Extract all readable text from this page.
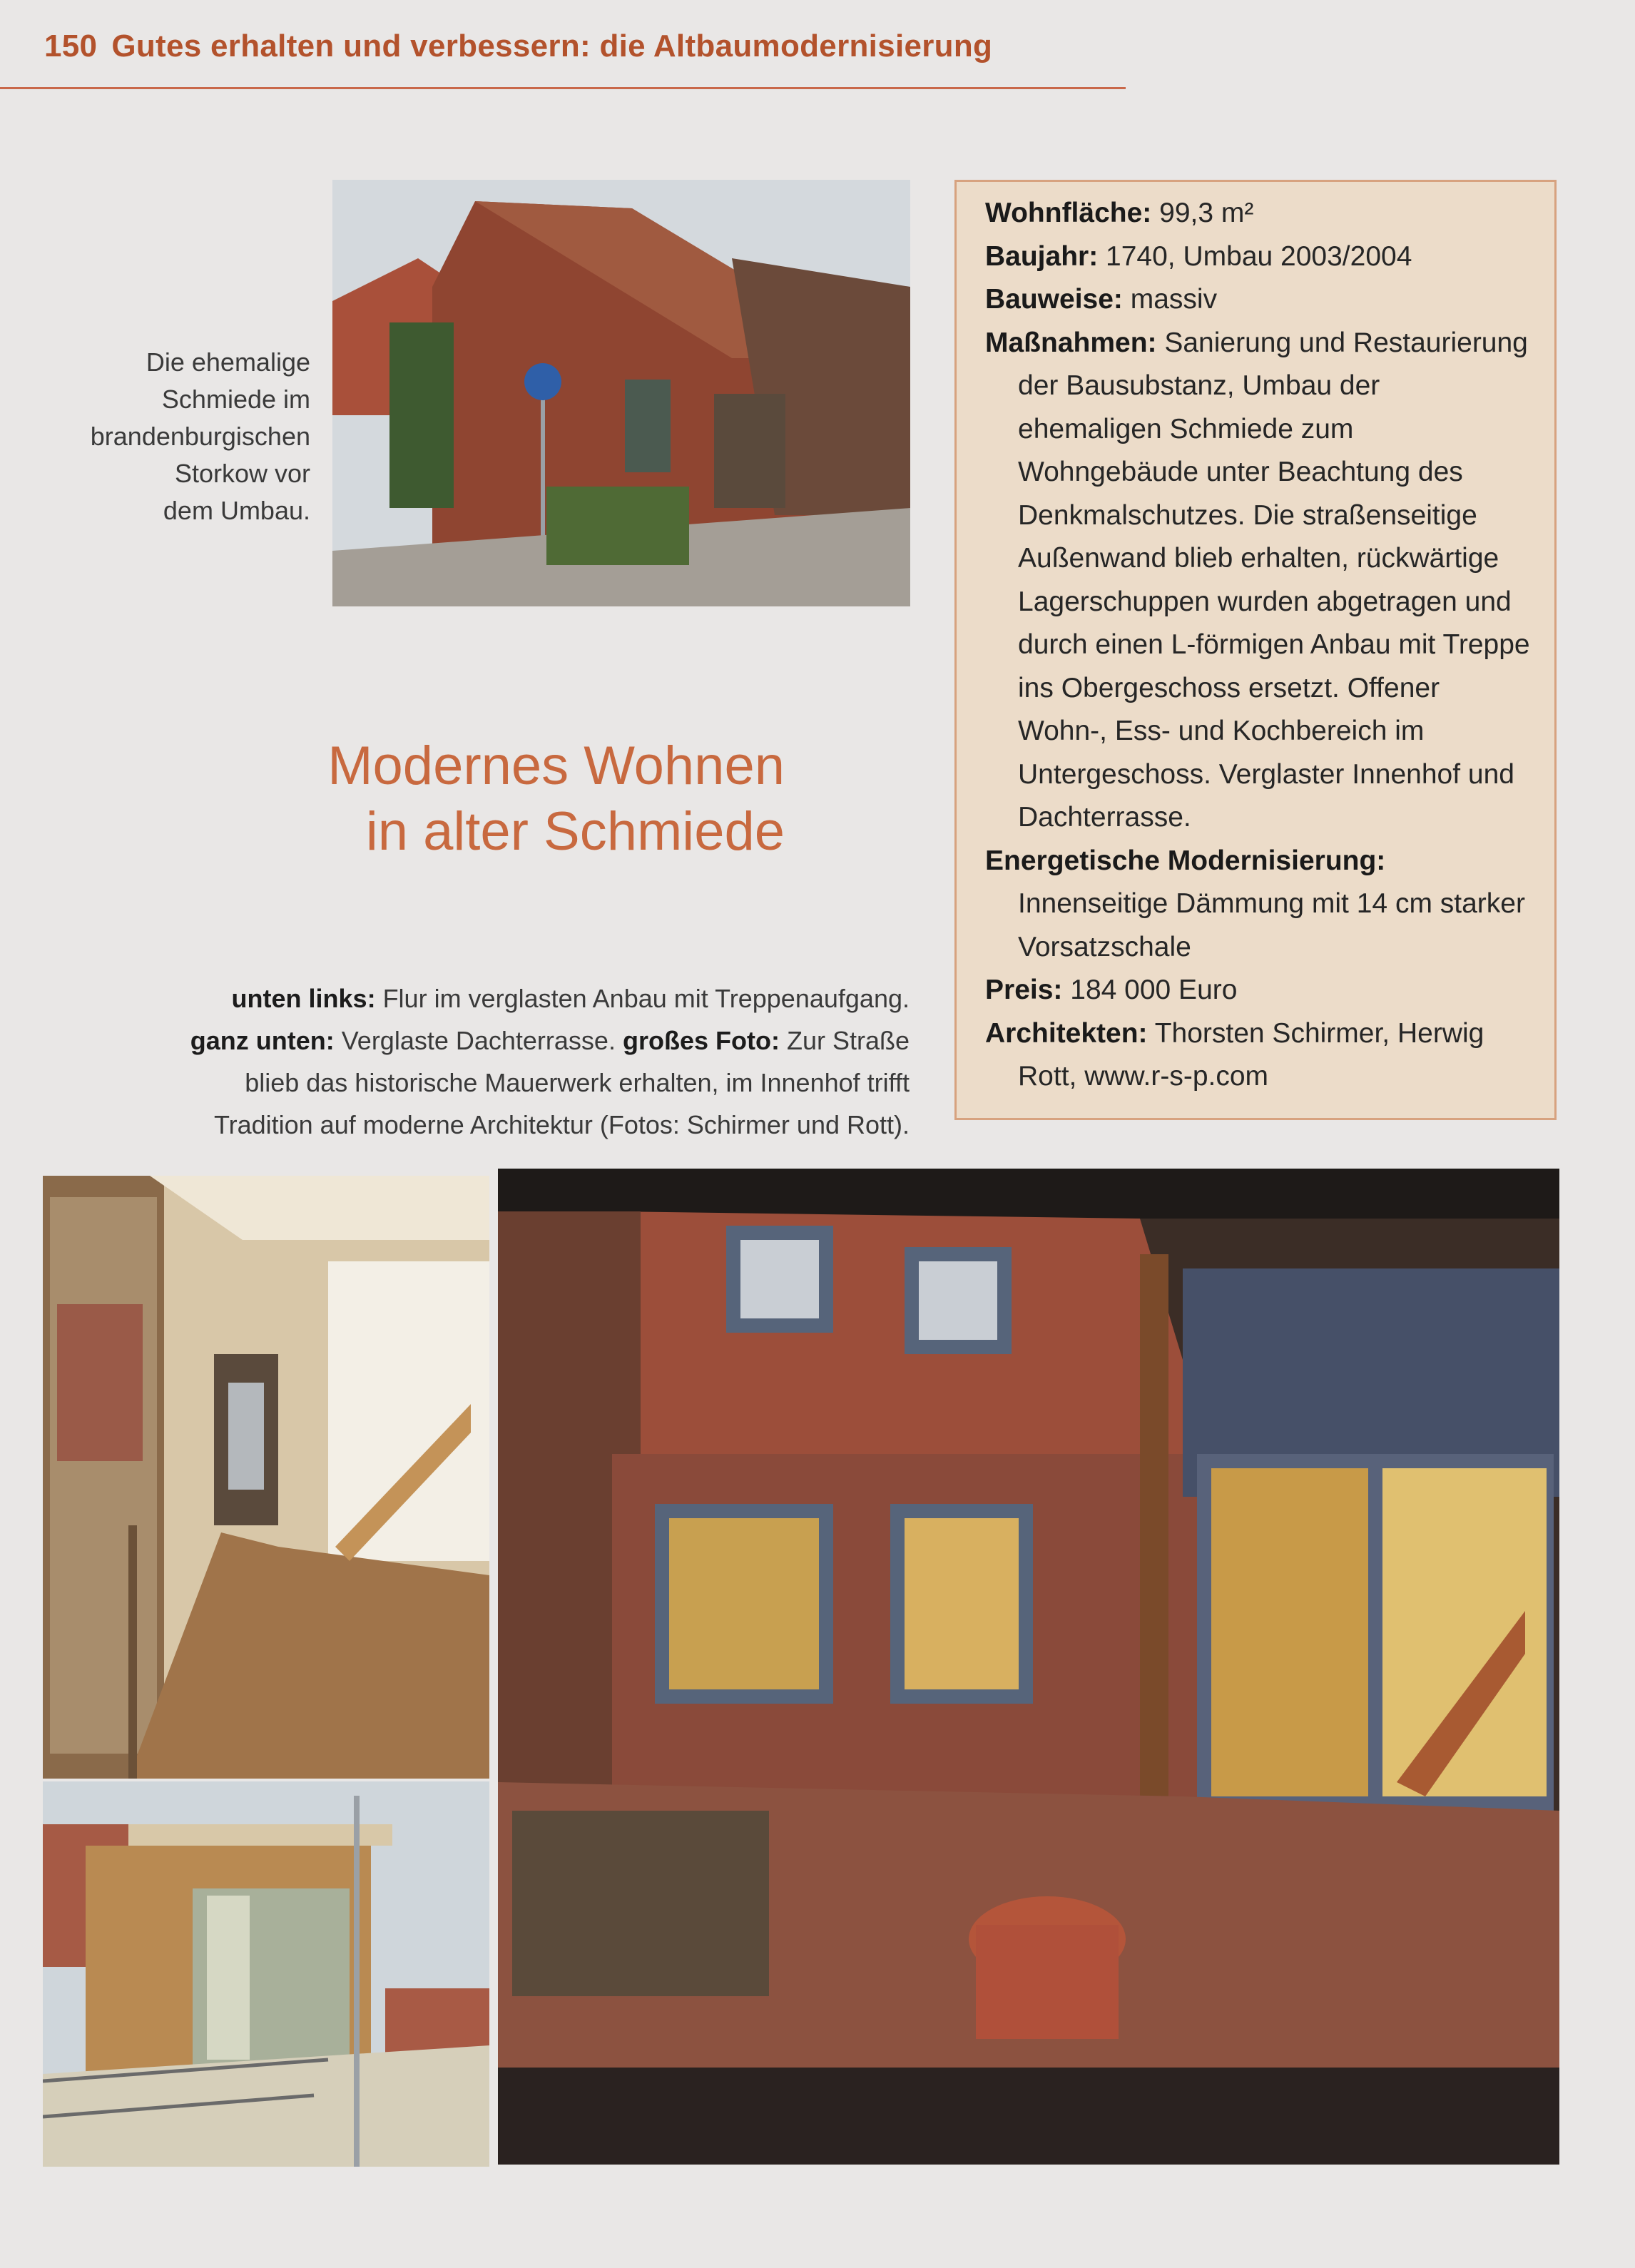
150 Gutes erhalten und verbessern: die Altbaumodernisierung
Die ehemalige
Schmiede im
brandenburgischen
Storkow vor
dem Umbau.
Modernes Wohnen
in alter Schmiede
unten links: Flur im verglasten Anbau mit Treppenaufgang.
ganz unten: Verglaste Dachterrasse. großes Foto: Zur Straße
blieb das historische Mauerwerk erhalten, im Innenhof trifft
Tradition auf moderne Architektur (Fotos: Schirmer und Rott).
Wohnfläche: 99,3 m²
Baujahr: 1740, Umbau 2003/2004
Bauweise: massiv
Maßnahmen: Sanierung und Restaurierung der Bausubstanz, Umbau der ehemaligen Schmiede zum Wohngebäude unter Beachtung des Denkmalschutzes. Die straßenseitige Außenwand blieb erhalten, rückwärtige Lagerschuppen wurden abgetragen und durch einen L-förmigen Anbau mit Treppe ins Obergeschoss ersetzt. Offener Wohn-, Ess- und Kochbereich im Untergeschoss. Verglaster Innenhof und Dachterrasse.
Energetische Modernisierung: Innenseitige Dämmung mit 14 cm starker Vorsatzschale
Preis: 184 000 Euro
Architekten: Thorsten Schirmer, Herwig Rott, www.r-s-p.com
